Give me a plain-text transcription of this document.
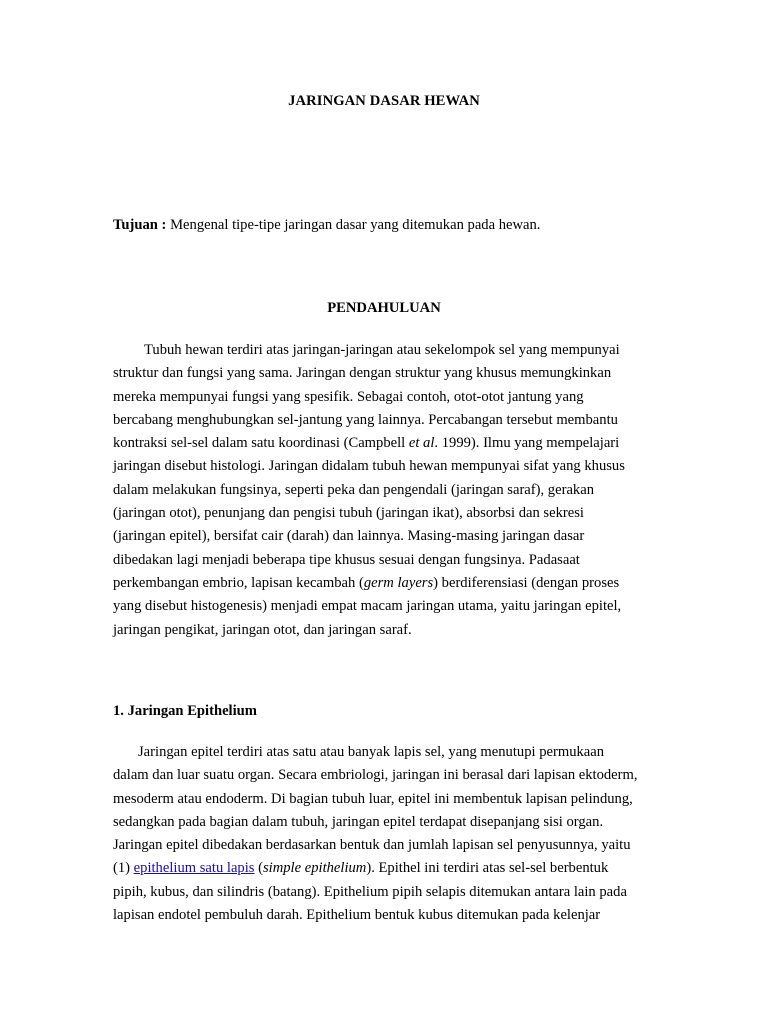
JARINGAN DASAR HEWAN
Tujuan : Mengenal tipe-tipe jaringan dasar yang ditemukan pada hewan.
PENDAHULUAN
Tubuh hewan terdiri atas jaringan-jaringan atau sekelompok sel yang mempunyai
struktur dan fungsi yang sama. Jaringan dengan struktur yang khusus memungkinkan
mereka mempunyai fungsi yang spesifik. Sebagai contoh, otot-otot jantung yang
bercabang menghubungkan sel-jantung yang lainnya. Percabangan tersebut membantu
kontraksi sel-sel dalam satu koordinasi (Campbell et al. 1999). Ilmu yang mempelajari
jaringan disebut histologi. Jaringan didalam tubuh hewan mempunyai sifat yang khusus
dalam melakukan fungsinya, seperti peka dan pengendali (jaringan saraf), gerakan
(jaringan otot), penunjang dan pengisi tubuh (jaringan ikat), absorbsi dan sekresi
(jaringan epitel), bersifat cair (darah) dan lainnya. Masing-masing jaringan dasar
dibedakan lagi menjadi beberapa tipe khusus sesuai dengan fungsinya. Padasaat
perkembangan embrio, lapisan kecambah (germ layers) berdiferensiasi (dengan proses
yang disebut histogenesis) menjadi empat macam jaringan utama, yaitu jaringan epitel,
jaringan pengikat, jaringan otot, dan jaringan saraf.
1. Jaringan Epithelium
Jaringan epitel terdiri atas satu atau banyak lapis sel, yang menutupi permukaan
dalam dan luar suatu organ. Secara embriologi, jaringan ini berasal dari lapisan ektoderm,
mesoderm atau endoderm. Di bagian tubuh luar, epitel ini membentuk lapisan pelindung,
sedangkan pada bagian dalam tubuh, jaringan epitel terdapat disepanjang sisi organ.
Jaringan epitel dibedakan berdasarkan bentuk dan jumlah lapisan sel penyusunnya, yaitu
(1) epithelium satu lapis (simple epithelium). Epithel ini terdiri atas sel-sel berbentuk
pipih, kubus, dan silindris (batang). Epithelium pipih selapis ditemukan antara lain pada
lapisan endotel pembuluh darah. Epithelium bentuk kubus ditemukan pada kelenjar
